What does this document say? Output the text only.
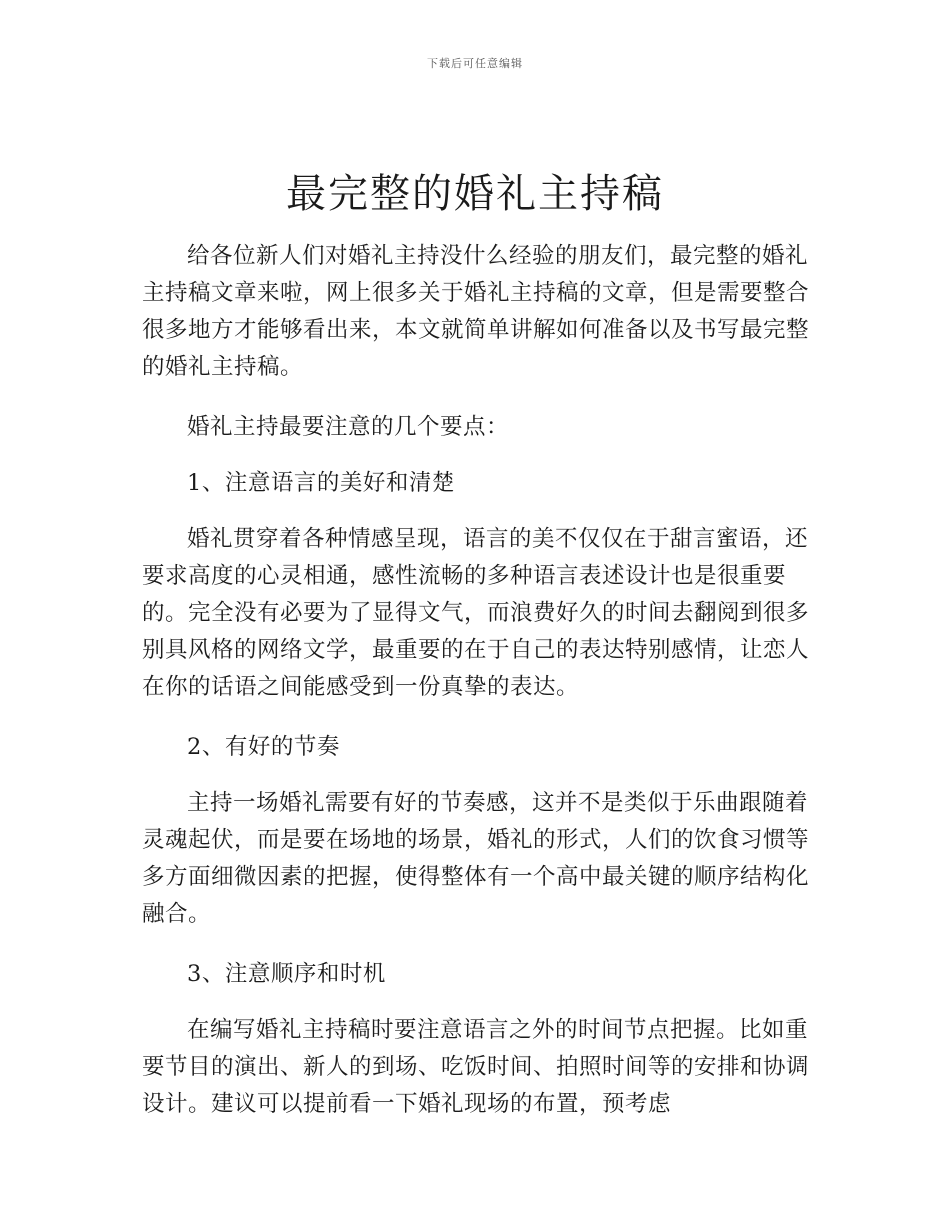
下载后可任意编辑
最完整的婚礼主持稿

给各位新人们对婚礼主持没什么经验的朋友们，最完整的婚礼主持稿文章来啦，网上很多关于婚礼主持稿的文章，但是需要整合很多地方才能够看出来，本文就简单讲解如何准备以及书写最完整的婚礼主持稿。

婚礼主持最要注意的几个要点：

1、注意语言的美好和清楚

婚礼贯穿着各种情感呈现，语言的美不仅仅在于甜言蜜语，还要求高度的心灵相通，感性流畅的多种语言表述设计也是很重要的。完全没有必要为了显得文气，而浪费好久的时间去翻阅到很多别具风格的网络文学，最重要的在于自己的表达特别感情，让恋人在你的话语之间能感受到一份真挚的表达。

2、有好的节奏

主持一场婚礼需要有好的节奏感，这并不是类似于乐曲跟随着灵魂起伏，而是要在场地的场景，婚礼的形式，人们的饮食习惯等多方面细微因素的把握，使得整体有一个高中最关键的顺序结构化融合。

3、注意顺序和时机

在编写婚礼主持稿时要注意语言之外的时间节点把握。比如重要节目的演出、新人的到场、吃饭时间、拍照时间等的安排和协调设计。建议可以提前看一下婚礼现场的布置，预考虑
